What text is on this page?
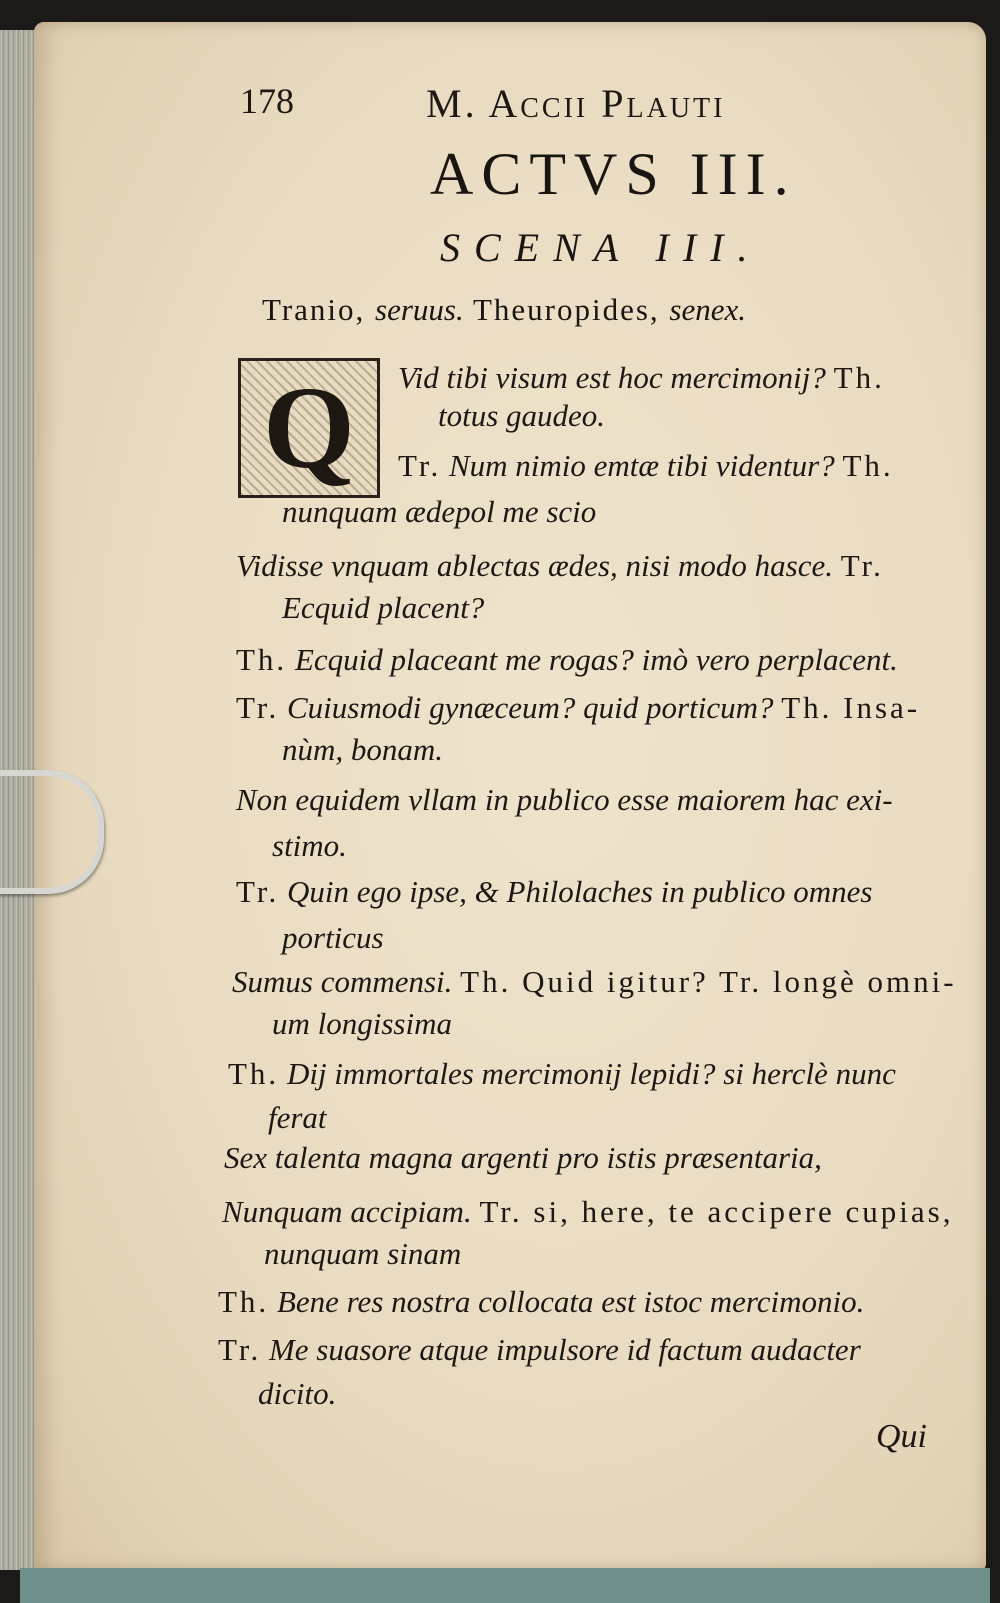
178	M. Accii Plauti
ACTVS III.
SCENA III.
Tranio, seruus. Theuropides, senex.
Q	Vid tibi visum est hoc mercimonij? Th.
totus gaudeo.
Tr. Num nimio emtæ tibi videntur? Th.
nunquam ædepol me scio
Vidisse vnquam ablectas ædes, nisi modo hasce. Tr.
Ecquid placent?
Th. Ecquid placeant me rogas? imò vero perplacent.
Tr. Cuiusmodi gynæceum? quid porticum? Th. Insa-
nùm, bonam.
Non equidem vllam in publico esse maiorem hac exi-
stimo.
Tr. Quin ego ipse, & Philolaches in publico omnes
porticus
Sumus commensi. Th. Quid igitur? Tr. longè omni-
um longissima
Th. Dij immortales mercimonij lepidi? si herclè nunc
ferat
Sex talenta magna argenti pro istis præsentaria,
Nunquam accipiam. Tr. si, here, te accipere cupias,
nunquam sinam
Th. Bene res nostra collocata est istoc mercimonio.
Tr. Me suasore atque impulsore id factum audacter
dicito.
Qui
